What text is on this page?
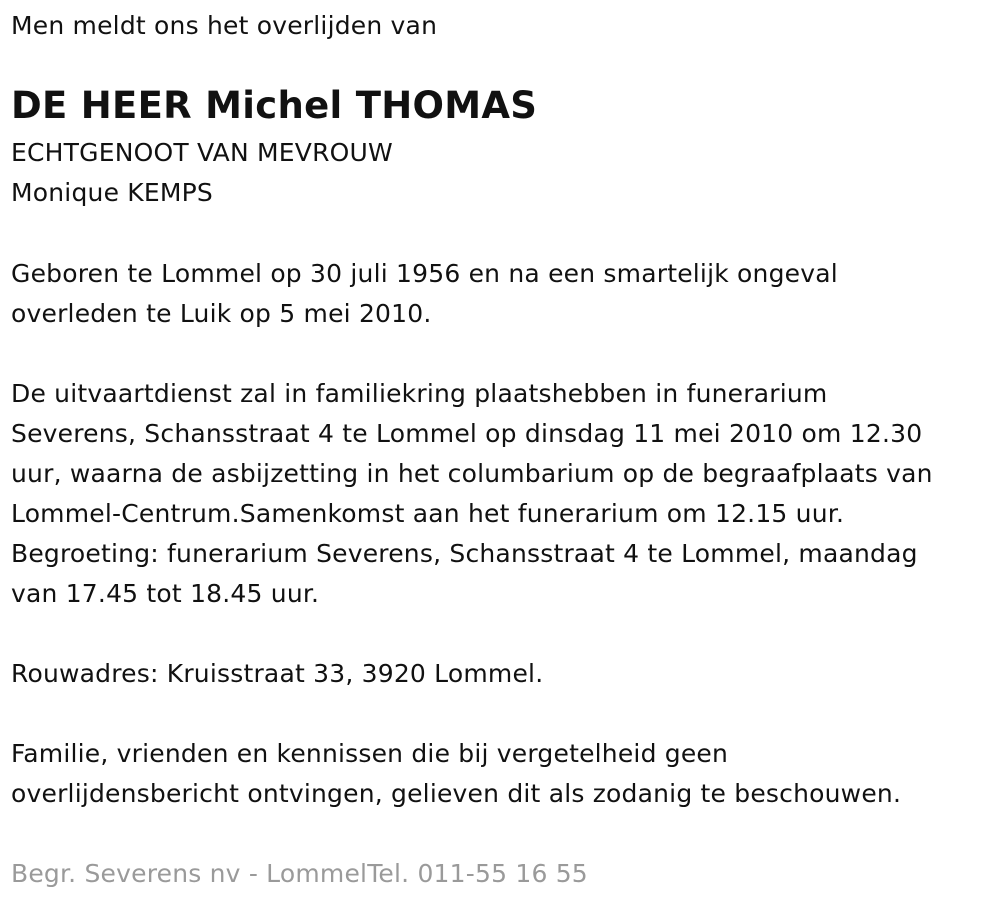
Men meldt ons het overlijden van
DE HEER Michel THOMAS
ECHTGENOOT VAN MEVROUW
Monique KEMPS
Geboren te Lommel op 30 juli 1956 en na een smartelijk ongeval
overleden te Luik op 5 mei 2010.
De uitvaartdienst zal in familiekring plaatshebben in funerarium
Severens, Schansstraat 4 te Lommel op dinsdag 11 mei 2010 om 12.30
uur, waarna de asbijzetting in het columbarium op de begraafplaats van
Lommel-Centrum.Samenkomst aan het funerarium om 12.15 uur.
Begroeting: funerarium Severens, Schansstraat 4 te Lommel, maandag
van 17.45 tot 18.45 uur.
Rouwadres: Kruisstraat 33, 3920 Lommel.
Familie, vrienden en kennissen die bij vergetelheid geen
overlijdensbericht ontvingen, gelieven dit als zodanig te beschouwen.
Begr. Severens nv - LommelTel. 011-55 16 55
